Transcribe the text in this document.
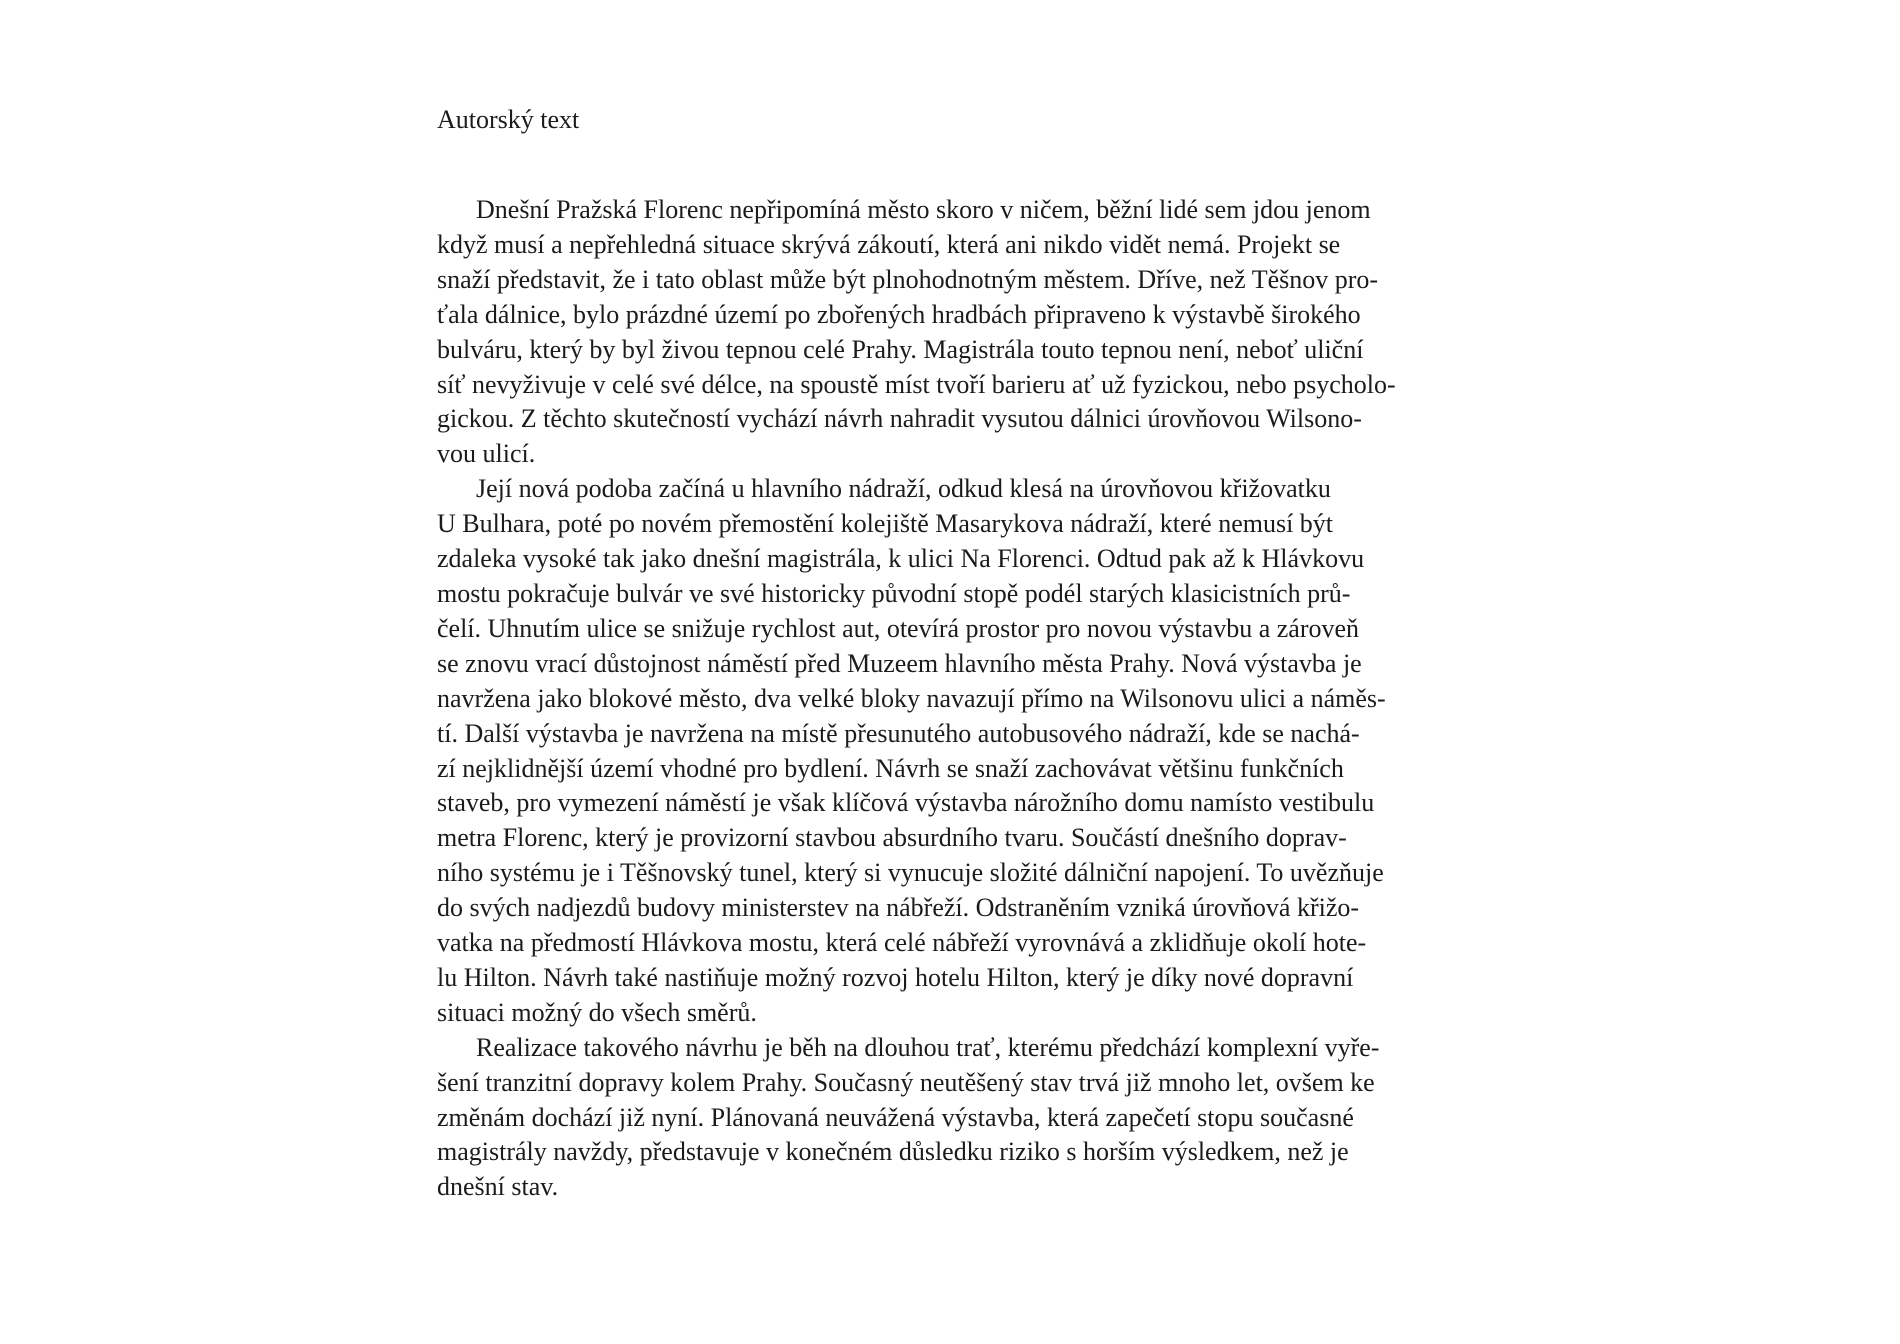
Autorský text
Dnešní Pražská Florenc nepřipomíná město skoro v ničem, běžní lidé sem jdou jenom
když musí a nepřehledná situace skrývá zákoutí, která ani nikdo vidět nemá. Projekt se
snaží představit, že i tato oblast může být plnohodnotným městem. Dříve, než Těšnov pro-
ťala dálnice, bylo prázdné území po zbořených hradbách připraveno k výstavbě širokého
bulváru, který by byl živou tepnou celé Prahy. Magistrála touto tepnou není, neboť uliční
síť nevyživuje v celé své délce, na spoustě míst tvoří barieru ať už fyzickou, nebo psycholo-
gickou. Z těchto skutečností vychází návrh nahradit vysutou dálnici úrovňovou Wilsono-
vou ulicí.
Její nová podoba začíná u hlavního nádraží, odkud klesá na úrovňovou křižovatku
U Bulhara, poté po novém přemostění kolejiště Masarykova nádraží, které nemusí být
zdaleka vysoké tak jako dnešní magistrála, k ulici Na Florenci. Odtud pak až k Hlávkovu
mostu pokračuje bulvár ve své historicky původní stopě podél starých klasicistních prů-
čelí. Uhnutím ulice se snižuje rychlost aut, otevírá prostor pro novou výstavbu a zároveň
se znovu vrací důstojnost náměstí před Muzeem hlavního města Prahy. Nová výstavba je
navržena jako blokové město, dva velké bloky navazují přímo na Wilsonovu ulici a náměs-
tí. Další výstavba je navržena na místě přesunutého autobusového nádraží, kde se nachá-
zí nejklidnější území vhodné pro bydlení. Návrh se snaží zachovávat většinu funkčních
staveb, pro vymezení náměstí je však klíčová výstavba nárožního domu namísto vestibulu
metra Florenc, který je provizorní stavbou absurdního tvaru. Součástí dnešního doprav-
ního systému je i Těšnovský tunel, který si vynucuje složité dálniční napojení. To uvězňuje
do svých nadjezdů budovy ministerstev na nábřeží. Odstraněním vzniká úrovňová křižo-
vatka na předmostí Hlávkova mostu, která celé nábřeží vyrovnává a zklidňuje okolí hote-
lu Hilton. Návrh také nastiňuje možný rozvoj hotelu Hilton, který je díky nové dopravní
situaci možný do všech směrů.
Realizace takového návrhu je běh na dlouhou trať, kterému předchází komplexní vyře-
šení tranzitní dopravy kolem Prahy. Současný neutěšený stav trvá již mnoho let, ovšem ke
změnám dochází již nyní. Plánovaná neuvážená výstavba, která zapečetí stopu současné
magistrály navždy, představuje v konečném důsledku riziko s horším výsledkem, než je
dnešní stav.
